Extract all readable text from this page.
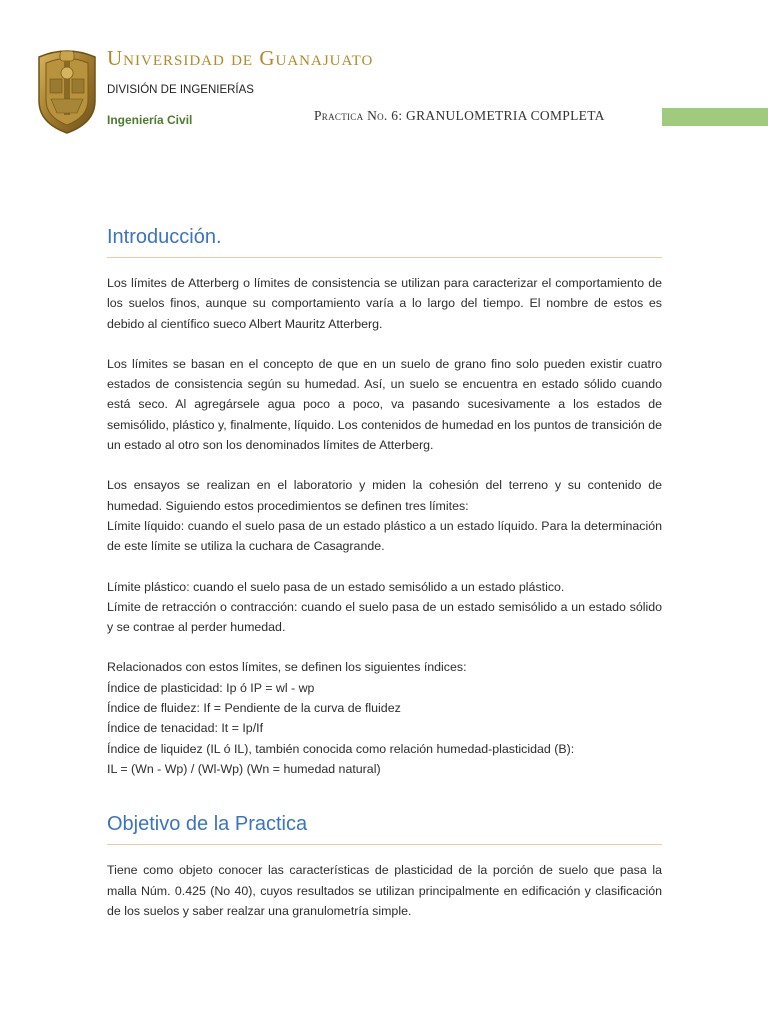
Universidad de Guanajuato
DIVISIÓN DE INGENIERÍAS
Ingeniería Civil	Practica No. 6: GRANULOMETRIA COMPLETA
Introducción.

Los límites de Atterberg o límites de consistencia se utilizan para caracterizar el comportamiento de los suelos finos, aunque su comportamiento varía a lo largo del tiempo. El nombre de estos es debido al científico sueco Albert Mauritz Atterberg.

Los límites se basan en el concepto de que en un suelo de grano fino solo pueden existir cuatro estados de consistencia según su humedad. Así, un suelo se encuentra en estado sólido cuando está seco. Al agregársele agua poco a poco, va pasando sucesivamente a los estados de semisólido, plástico y, finalmente, líquido. Los contenidos de humedad en los puntos de transición de un estado al otro son los denominados límites de Atterberg.

Los ensayos se realizan en el laboratorio y miden la cohesión del terreno y su contenido de humedad. Siguiendo estos procedimientos se definen tres límites:

Límite líquido: cuando el suelo pasa de un estado plástico a un estado líquido. Para la determinación de este límite se utiliza la cuchara de Casagrande.

Límite plástico: cuando el suelo pasa de un estado semisólido a un estado plástico.

Límite de retracción o contracción: cuando el suelo pasa de un estado semisólido a un estado sólido y se contrae al perder humedad.

Relacionados con estos límites, se definen los siguientes índices:

Índice de plasticidad: Ip ó IP = wl - wp

Índice de fluidez: If = Pendiente de la curva de fluidez

Índice de tenacidad: It = Ip/If

Índice de liquidez (IL ó IL), también conocida como relación humedad-plasticidad (B):

IL = (Wn - Wp) / (Wl-Wp) (Wn = humedad natural)

Objetivo de la Practica

Tiene como objeto conocer las características de plasticidad de la porción de suelo que pasa la malla Núm. 0.425 (No 40), cuyos resultados se utilizan principalmente en edificación y clasificación de los suelos y saber realzar una granulometría simple.
